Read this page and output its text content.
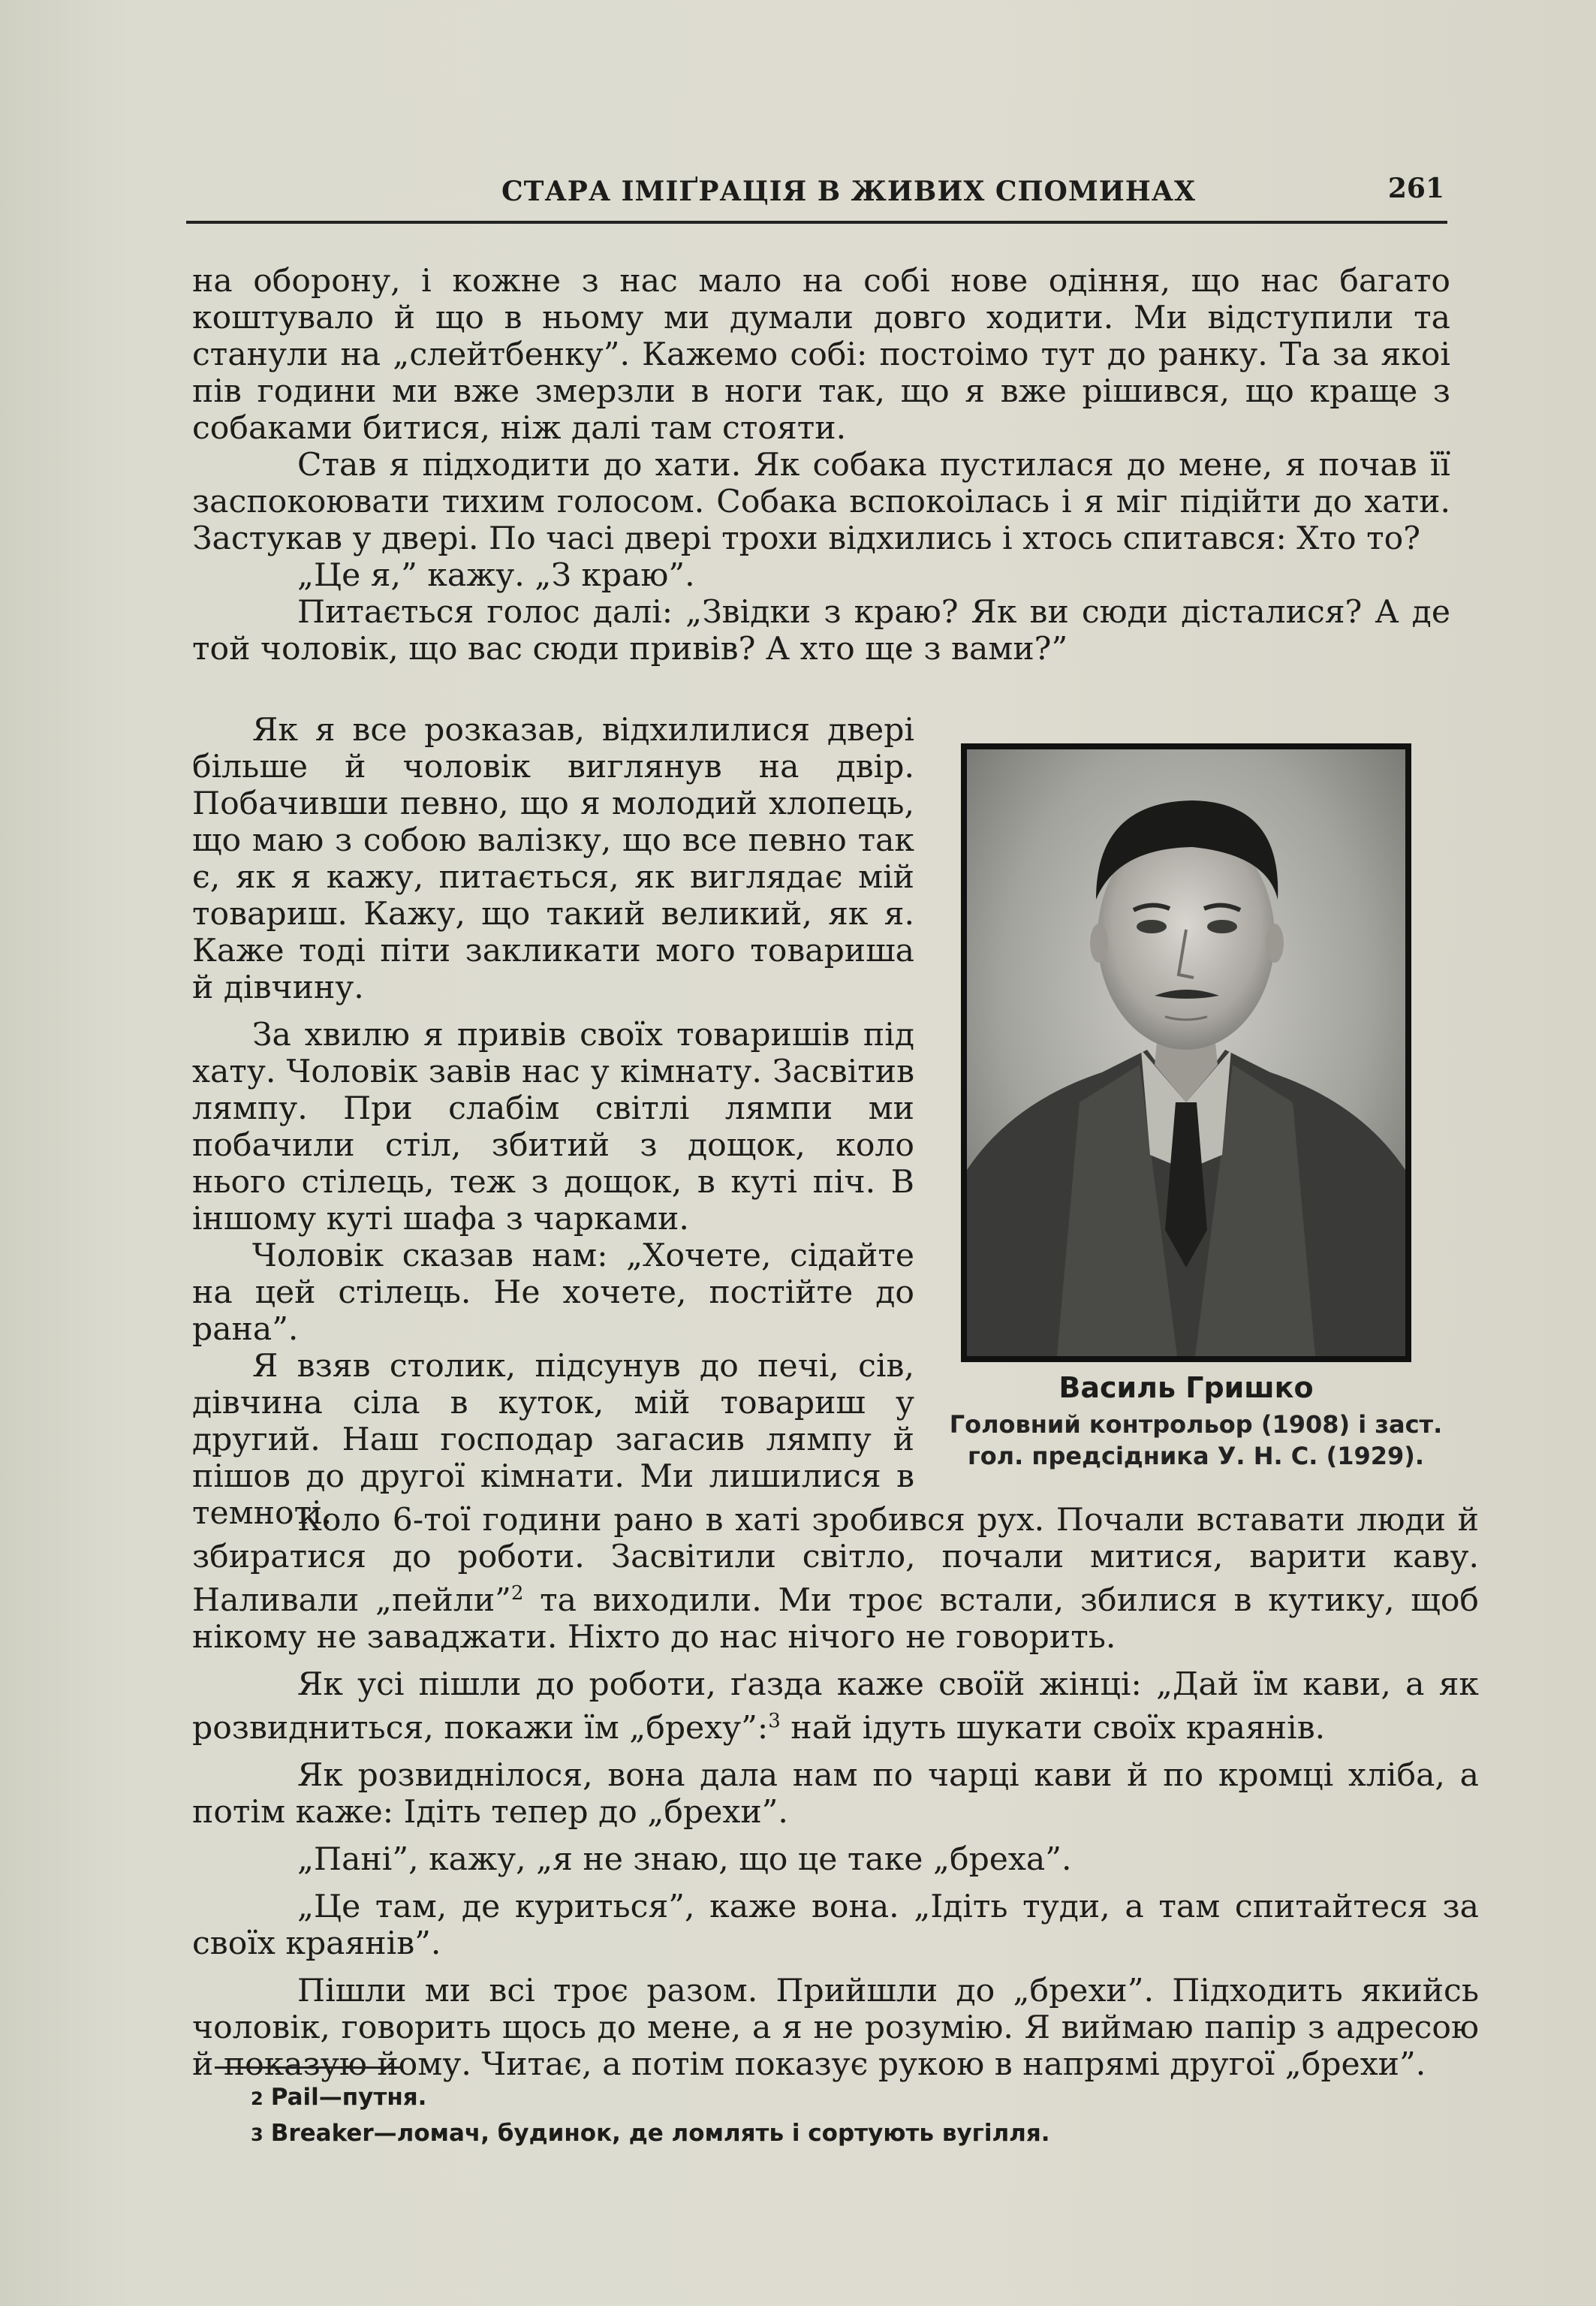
СТАРА ІМІҐРАЦІЯ В ЖИВИХ СПОМИНАХ	261

на оборону, і кожне з нас мало на собі нове одіння, що нас багато коштувало й що в ньому ми думали довго ходити. Ми відступили та станули на „слейтбенку”. Кажемо собі: постоімо тут до ранку. Та за якоі пів години ми вже змерзли в ноги так, що я вже рішився, що краще з собаками битися, ніж далі там стояти.

Став я підходити до хати. Як собака пустилася до мене, я почав її заспокоювати тихим голосом. Собака вспокоілась і я міг підійти до хати. Застукав у двері. По часі двері трохи відхились і хтось спитався: Хто то?

„Це я,” кажу. „З краю”.

Питається голос далі: „Звідки з краю? Як ви сюди дісталися? А де той чоловік, що вас сюди привів? А хто ще з вами?”

Як я все розказав, відхилилися двері більше й чоловік виглянув на двір. Побачивши певно, що я молодий хлопець, що маю з собою валізку, що все певно так є, як я кажу, питається, як виглядає мій товариш. Кажу, що такий великий, як я. Каже тоді піти закликати мого товариша й дівчину.

За хвилю я привів своїх товаришів під хату. Чоловік завів нас у кімнату. Засвітив лямпу. При слабім світлі лямпи ми побачили стіл, збитий з дощок, коло нього стілець, теж з дощок, в куті піч. В іншому куті шафа з чарками.

Чоловік сказав нам: „Хочете, сідайте на цей стілець. Не хочете, постійте до рана”.

Я взяв столик, підсунув до печі, сів, дівчина сіла в куток, мій товариш у другий. Наш господар загасив лямпу й пішов до другої кімнати. Ми лишилися в темноті.

Василь Гришко
Головний контрольор (1908) і заст.
гол. предсідника У. Н. С. (1929).

Коло 6-тої години рано в хаті зробився рух. Почали вставати люди й збиратися до роботи. Засвітили світло, почали митися, варити каву. Наливали „пейли”$^2$ та виходили. Ми троє встали, збилися в кутику, щоб нікому не заваджати. Ніхто до нас нічого не говорить.

Як усі пішли до роботи, ґазда каже своїй жінці: „Дай їм кави, а як розвидниться, покажи їм „бреху”:$^3$ най ідуть шукати своїх краянів.

Як розвиднілося, вона дала нам по чарці кави й по кромці хліба, а потім каже: Ідіть тепер до „брехи”.

„Пані”, кажу, „я не знаю, що це таке „бреха”.

„Це там, де куриться”, каже вона. „Ідіть туди, а там спитайтеся за своїх краянів”.

Пішли ми всі троє разом. Прийшли до „брехи”. Підходить якийсь чоловік, говорить щось до мене, а я не розумію. Я виймаю папір з адресою й показую йому. Читає, а потім показує рукою в напрямі другої „брехи”.

2 Pail—путня.
3 Breaker—ломач, будинок, де ломлять і сортують вугілля.
